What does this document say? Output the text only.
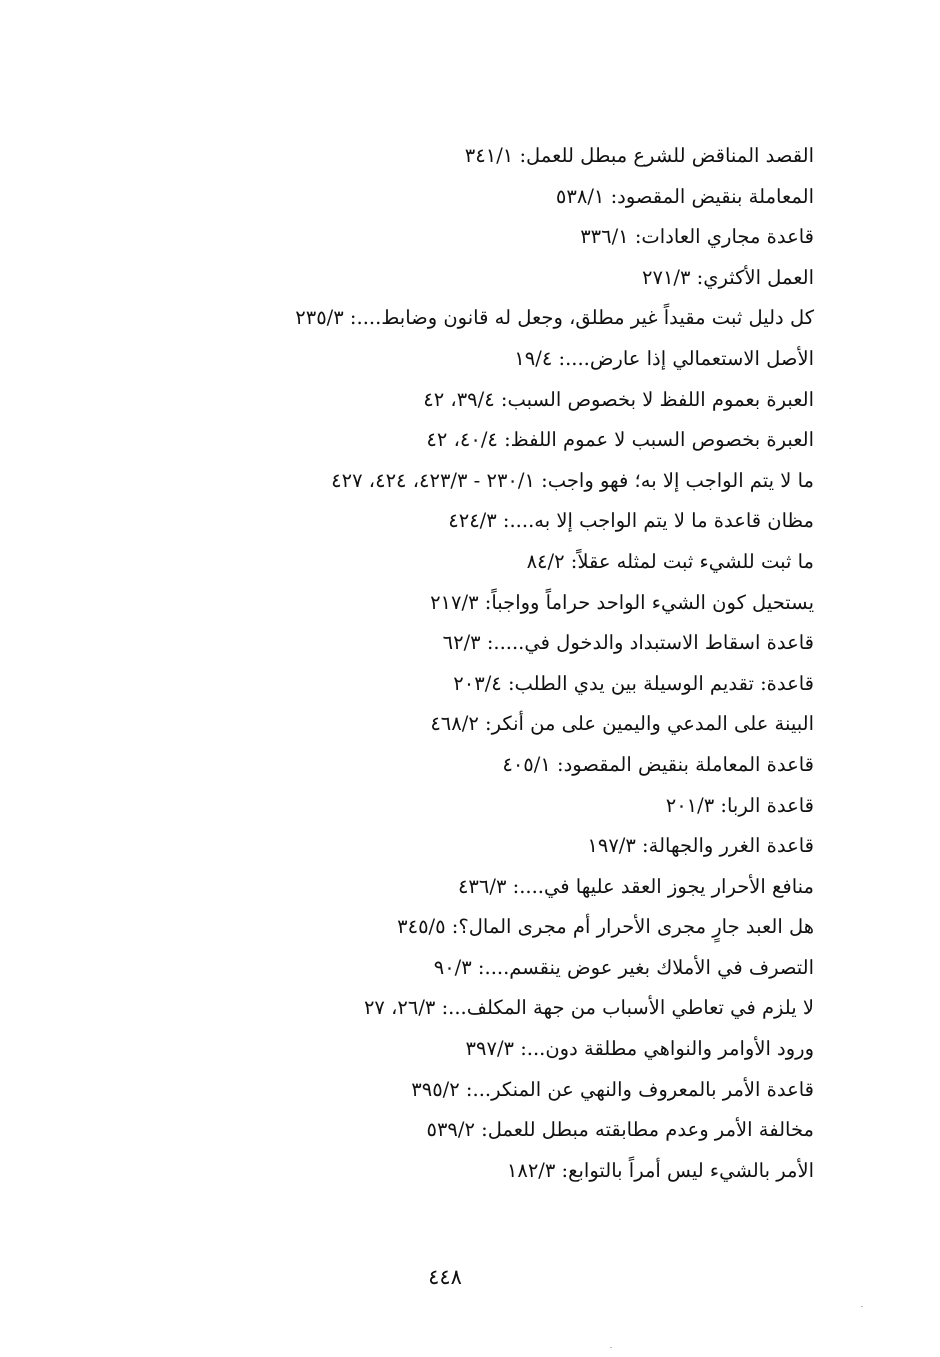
القصد المناقض للشرع مبطل للعمل: ٣٤١/١
المعاملة بنقيض المقصود: ٥٣٨/١
قاعدة مجاري العادات: ٣٣٦/١
العمل الأكثري: ٢٧١/٣
كل دليل ثبت مقيداً غير مطلق، وجعل له قانون وضابط....: ٢٣٥/٣
الأصل الاستعمالي إذا عارض....: ١٩/٤
العبرة بعموم اللفظ لا بخصوص السبب: ٣٩/٤، ٤٢
العبرة بخصوص السبب لا عموم اللفظ: ٤٠/٤، ٤٢
ما لا يتم الواجب إلا به؛ فهو واجب: ٢٣٠/١ - ٤٢٣/٣، ٤٢٤، ٤٢٧
مظان قاعدة ما لا يتم الواجب إلا به....: ٤٢٤/٣
ما ثبت للشيء ثبت لمثله عقلاً: ٨٤/٢
يستحيل كون الشيء الواحد حراماً وواجباً: ٢١٧/٣
قاعدة اسقاط الاستبداد والدخول في.....: ٦٢/٣
قاعدة: تقديم الوسيلة بين يدي الطلب: ٢٠٣/٤
البينة على المدعي واليمين على من أنكر: ٤٦٨/٢
قاعدة المعاملة بنقيض المقصود: ٤٠٥/١
قاعدة الربا: ٢٠١/٣
قاعدة الغرر والجهالة: ١٩٧/٣
منافع الأحرار يجوز العقد عليها في....: ٤٣٦/٣
هل العبد جارٍ مجرى الأحرار أم مجرى المال؟: ٣٤٥/٥
التصرف في الأملاك بغير عوض ينقسم....: ٩٠/٣
لا يلزم في تعاطي الأسباب من جهة المكلف...: ٢٦/٣، ٢٧
ورود الأوامر والنواهي مطلقة دون...: ٣٩٧/٣
قاعدة الأمر بالمعروف والنهي عن المنكر...: ٣٩٥/٢
مخالفة الأمر وعدم مطابقته مبطل للعمل: ٥٣٩/٢
الأمر بالشيء ليس أمراً بالتوابع: ١٨٢/٣
٤٤٨
